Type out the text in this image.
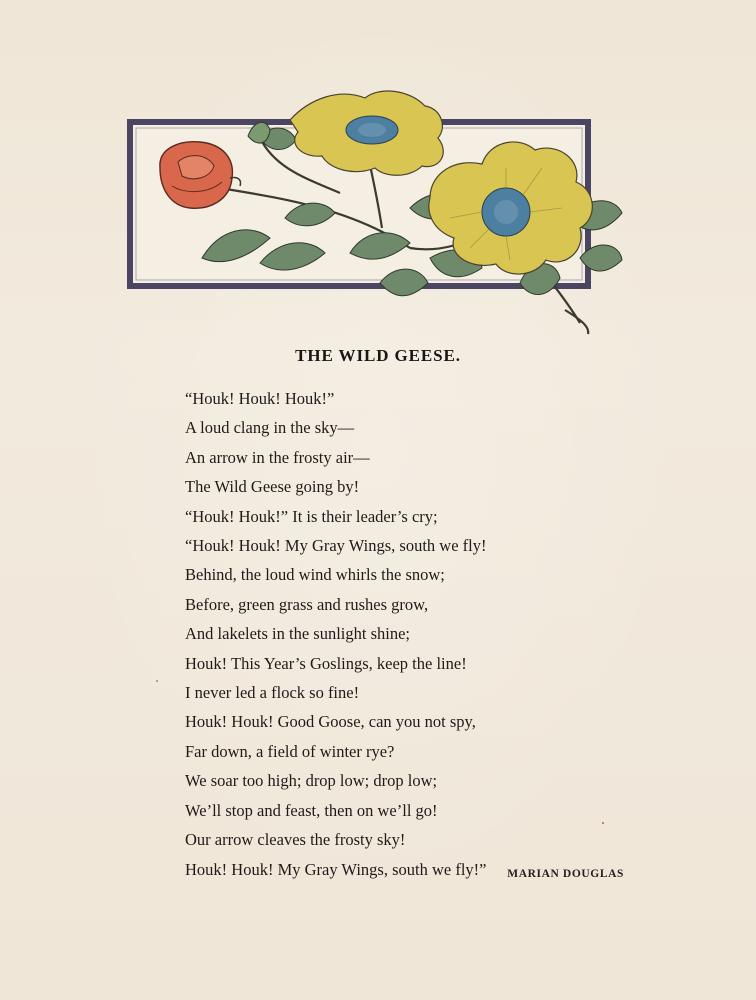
THE WILD GEESE.
“Houk! Houk! Houk!”
A loud clang in the sky—
An arrow in the frosty air—
The Wild Geese going by!
“Houk! Houk!” It is their leader’s cry;
“Houk! Houk! My Gray Wings, south we fly!
Behind, the loud wind whirls the snow;
Before, green grass and rushes grow,
And lakelets in the sunlight shine;
Houk! This Year’s Goslings, keep the line!
I never led a flock so fine!
Houk! Houk! Good Goose, can you not spy,
Far down, a field of winter rye?
We soar too high; drop low; drop low;
We’ll stop and feast, then on we’ll go!
Our arrow cleaves the frosty sky!
Houk! Houk! My Gray Wings, south we fly!”	MARIAN DOUGLAS
